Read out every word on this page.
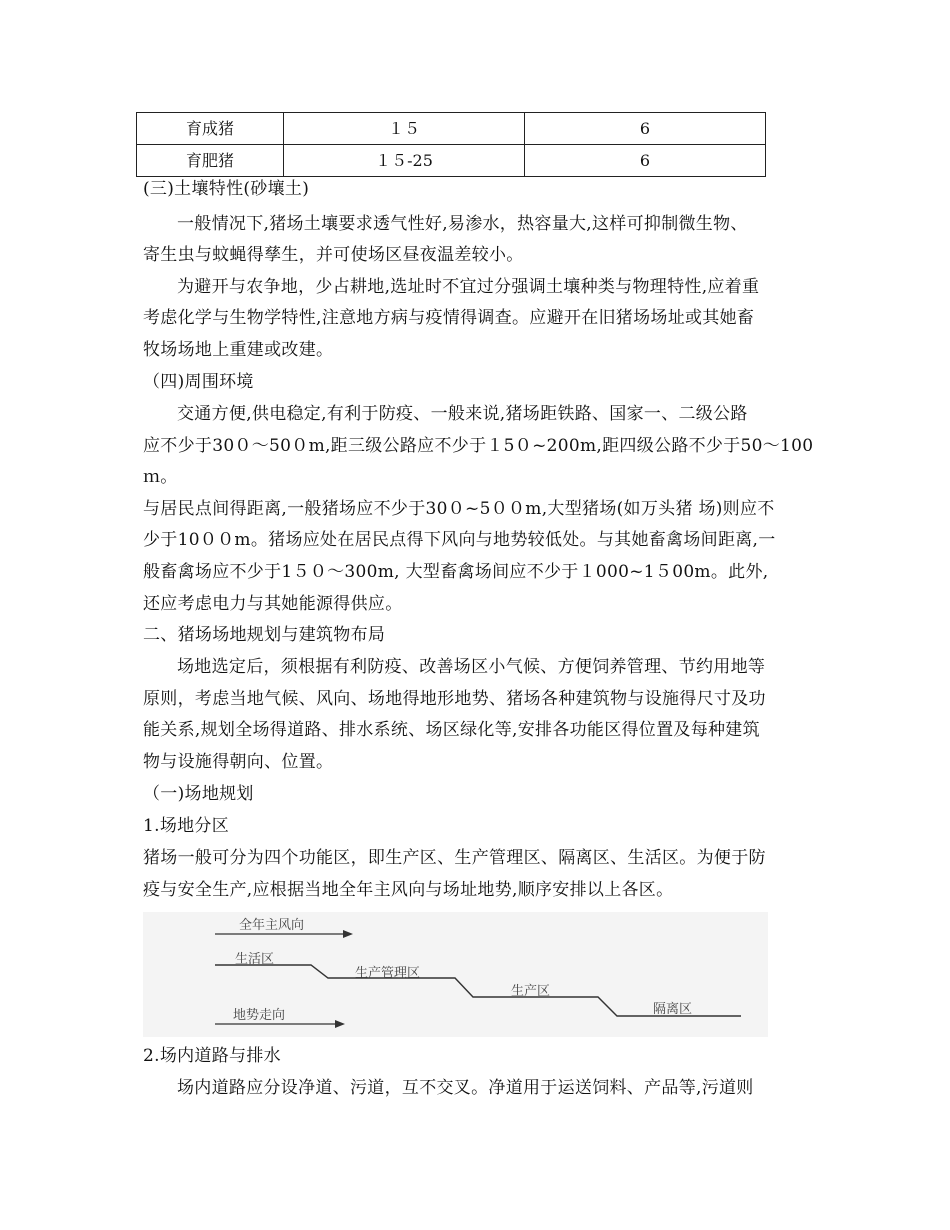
育成猪	１５	6
育肥猪	１５-25	6
(三)土壤特性(砂壤土)
一般情况下,猪场土壤要求透气性好,易渗水，热容量大,这样可抑制微生物、
寄生虫与蚊蝇得孳生，并可使场区昼夜温差较小。
为避开与农争地，少占耕地,选址时不宜过分强调土壤种类与物理特性,应着重
考虑化学与生物学特性,注意地方病与疫情得调查。应避开在旧猪场场址或其她畜
牧场场地上重建或改建。
（四)周围环境
交通方便,供电稳定,有利于防疫、一般来说,猪场距铁路、国家一、二级公路
应不少于30０～50０m,距三级公路应不少于１5０~200m,距四级公路不少于50～100
ｍ。
与居民点间得距离,一般猪场应不少于30０~5００m,大型猪场(如万头猪 场)则应不
少于10００m。猪场应处在居民点得下风向与地势较低处。与其她畜禽场间距离,一
般畜禽场应不少于1５０～300m, 大型畜禽场间应不少于１000~1５00m。此外,
还应考虑电力与其她能源得供应。
二、猪场场地规划与建筑物布局
场地选定后，须根据有利防疫、改善场区小气候、方便饲养管理、节约用地等
原则，考虑当地气候、风向、场地得地形地势、猪场各种建筑物与设施得尺寸及功
能关系,规划全场得道路、排水系统、场区绿化等,安排各功能区得位置及每种建筑
物与设施得朝向、位置。
（一)场地规划
1.场地分区
猪场一般可分为四个功能区，即生产区、生产管理区、隔离区、生活区。为便于防
疫与安全生产,应根据当地全年主风向与场址地势,顺序安排以上各区。
2.场内道路与排水
场内道路应分设净道、污道，互不交叉。净道用于运送饲料、产品等,污道则
全年主风向
生活区
生产管理区
生产区
隔离区
地势走向
